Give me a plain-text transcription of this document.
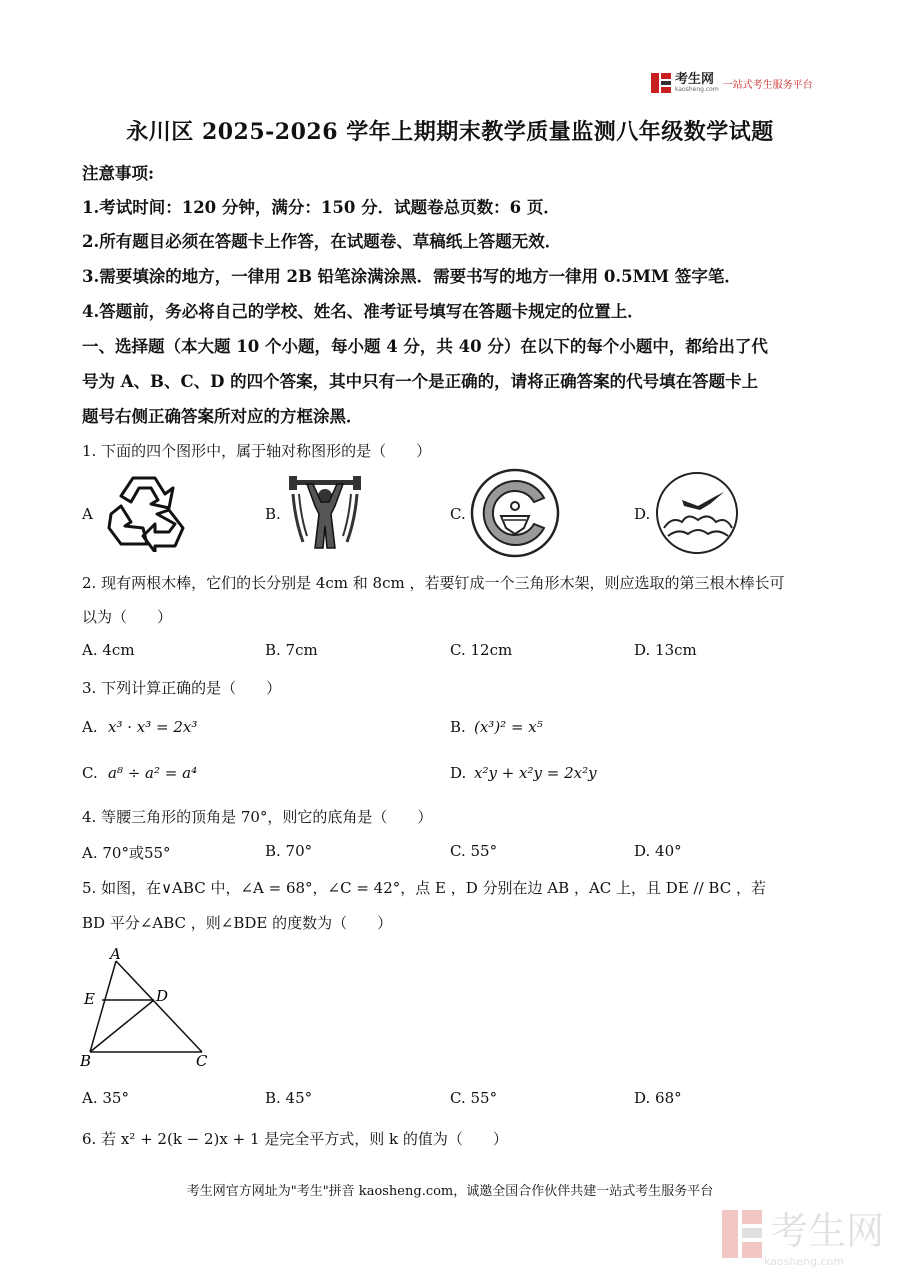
考生网
kaosheng.com 一站式考生服务平台
永川区 2025-2026 学年上期期末教学质量监测八年级数学试题
注意事项:
1.考试时间：120 分钟，满分：150 分．试题卷总页数：6 页．
2.所有题目必须在答题卡上作答，在试题卷、草稿纸上答题无效．
3.需要填涂的地方，一律用 2B 铅笔涂满涂黑．需要书写的地方一律用 0.5MM 签字笔．
4.答题前，务必将自己的学校、姓名、准考证号填写在答题卡规定的位置上．
一、选择题（本大题 10 个小题，每小题 4 分，共 40 分）在以下的每个小题中，都给出了代
号为 A、B、C、D 的四个答案，其中只有一个是正确的，请将正确答案的代号填在答题卡上
题号右侧正确答案所对应的方框涂黑．
1. 下面的四个图形中，属于轴对称图形的是（　　）
A	B.	C.	D.
2. 现有两根木棒，它们的长分别是 4cm 和 8cm ，若要钉成一个三角形木架，则应选取的第三根木棒长可
以为（　　）
A. 4cm	B. 7cm	C. 12cm	D. 13cm
3. 下列计算正确的是（　　）
A. x³ · x³ = 2x³	B. (x³)² = x⁵
C. a⁸ ÷ a² = a⁴	D. x²y + x²y = 2x²y
4. 等腰三角形的顶角是 70°，则它的底角是（　　）
A. 70°或55°	B. 70°	C. 55°	D. 40°
5. 如图，在∨ABC 中，∠A = 68°，∠C = 42°，点 E ，D 分别在边 AB ，AC 上，且 DE // BC ，若
BD 平分∠ABC ，则∠BDE 的度数为（　　）
A
E	D
B	C
A. 35°	B. 45°	C. 55°	D. 68°
6. 若 x² + 2(k − 2)x + 1 是完全平方式，则 k 的值为（　　）
考生网官方网址为"考生"拼音 kaosheng.com，诚邀全国合作伙伴共建一站式考生服务平台
考生网
kaosheng.com
